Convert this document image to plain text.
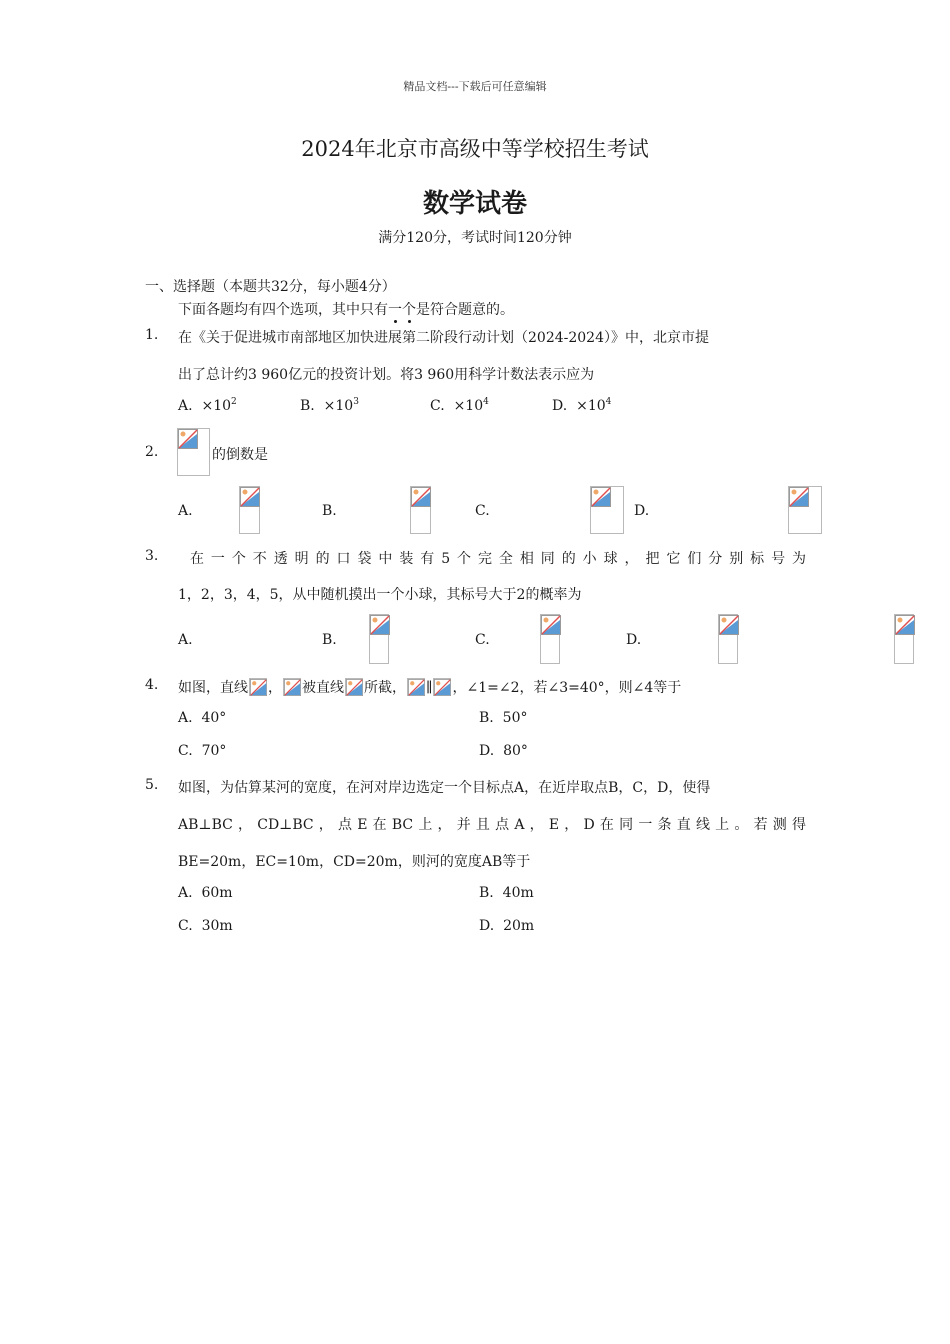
精品文档---下载后可任意编辑
2024年北京市高级中等学校招生考试
数学试卷
满分120分，考试时间120分钟
一、选择题（本题共32分，每小题4分）
下面各题均有四个选项，其中只有一个是符合题意的。
1. 在《关于促进城市南部地区加快进展第二阶段行动计划（2024-2024）》中，北京市提
出了总计约3 960亿元的投资计划。将3 960用科学计数法表示应为
A. $\times 10^2$	B. $\times 10^3$	C. $\times 10^4$	D. $\times 10^4$
2.
	的倒数是
A.
	B.
	C.
	D.

3. 在一个不透明的口袋中装有5个完全相同的小球，把它们分别标号为
1，2，3，4，5，从中随机摸出一个小球，其标号大于2的概率为
A.
	B.
	C.
	D.
4. 如图，直线 ， 被直线 所截， ∥ ，∠1=∠2，若∠3=40°，则∠4等于
A. 40°	B. 50°
C. 70°	D. 80°
5. 如图，为估算某河的宽度，在河对岸边选定一个目标点A，在近岸取点B，C，D，使得
AB⊥BC，CD⊥BC，点E在BC上，并且点A，E，D在同一条直线上。若测得
BE=20m，EC=10m，CD=20m，则河的宽度AB等于
A. 60m	B. 40m
C. 30m	D. 20m
